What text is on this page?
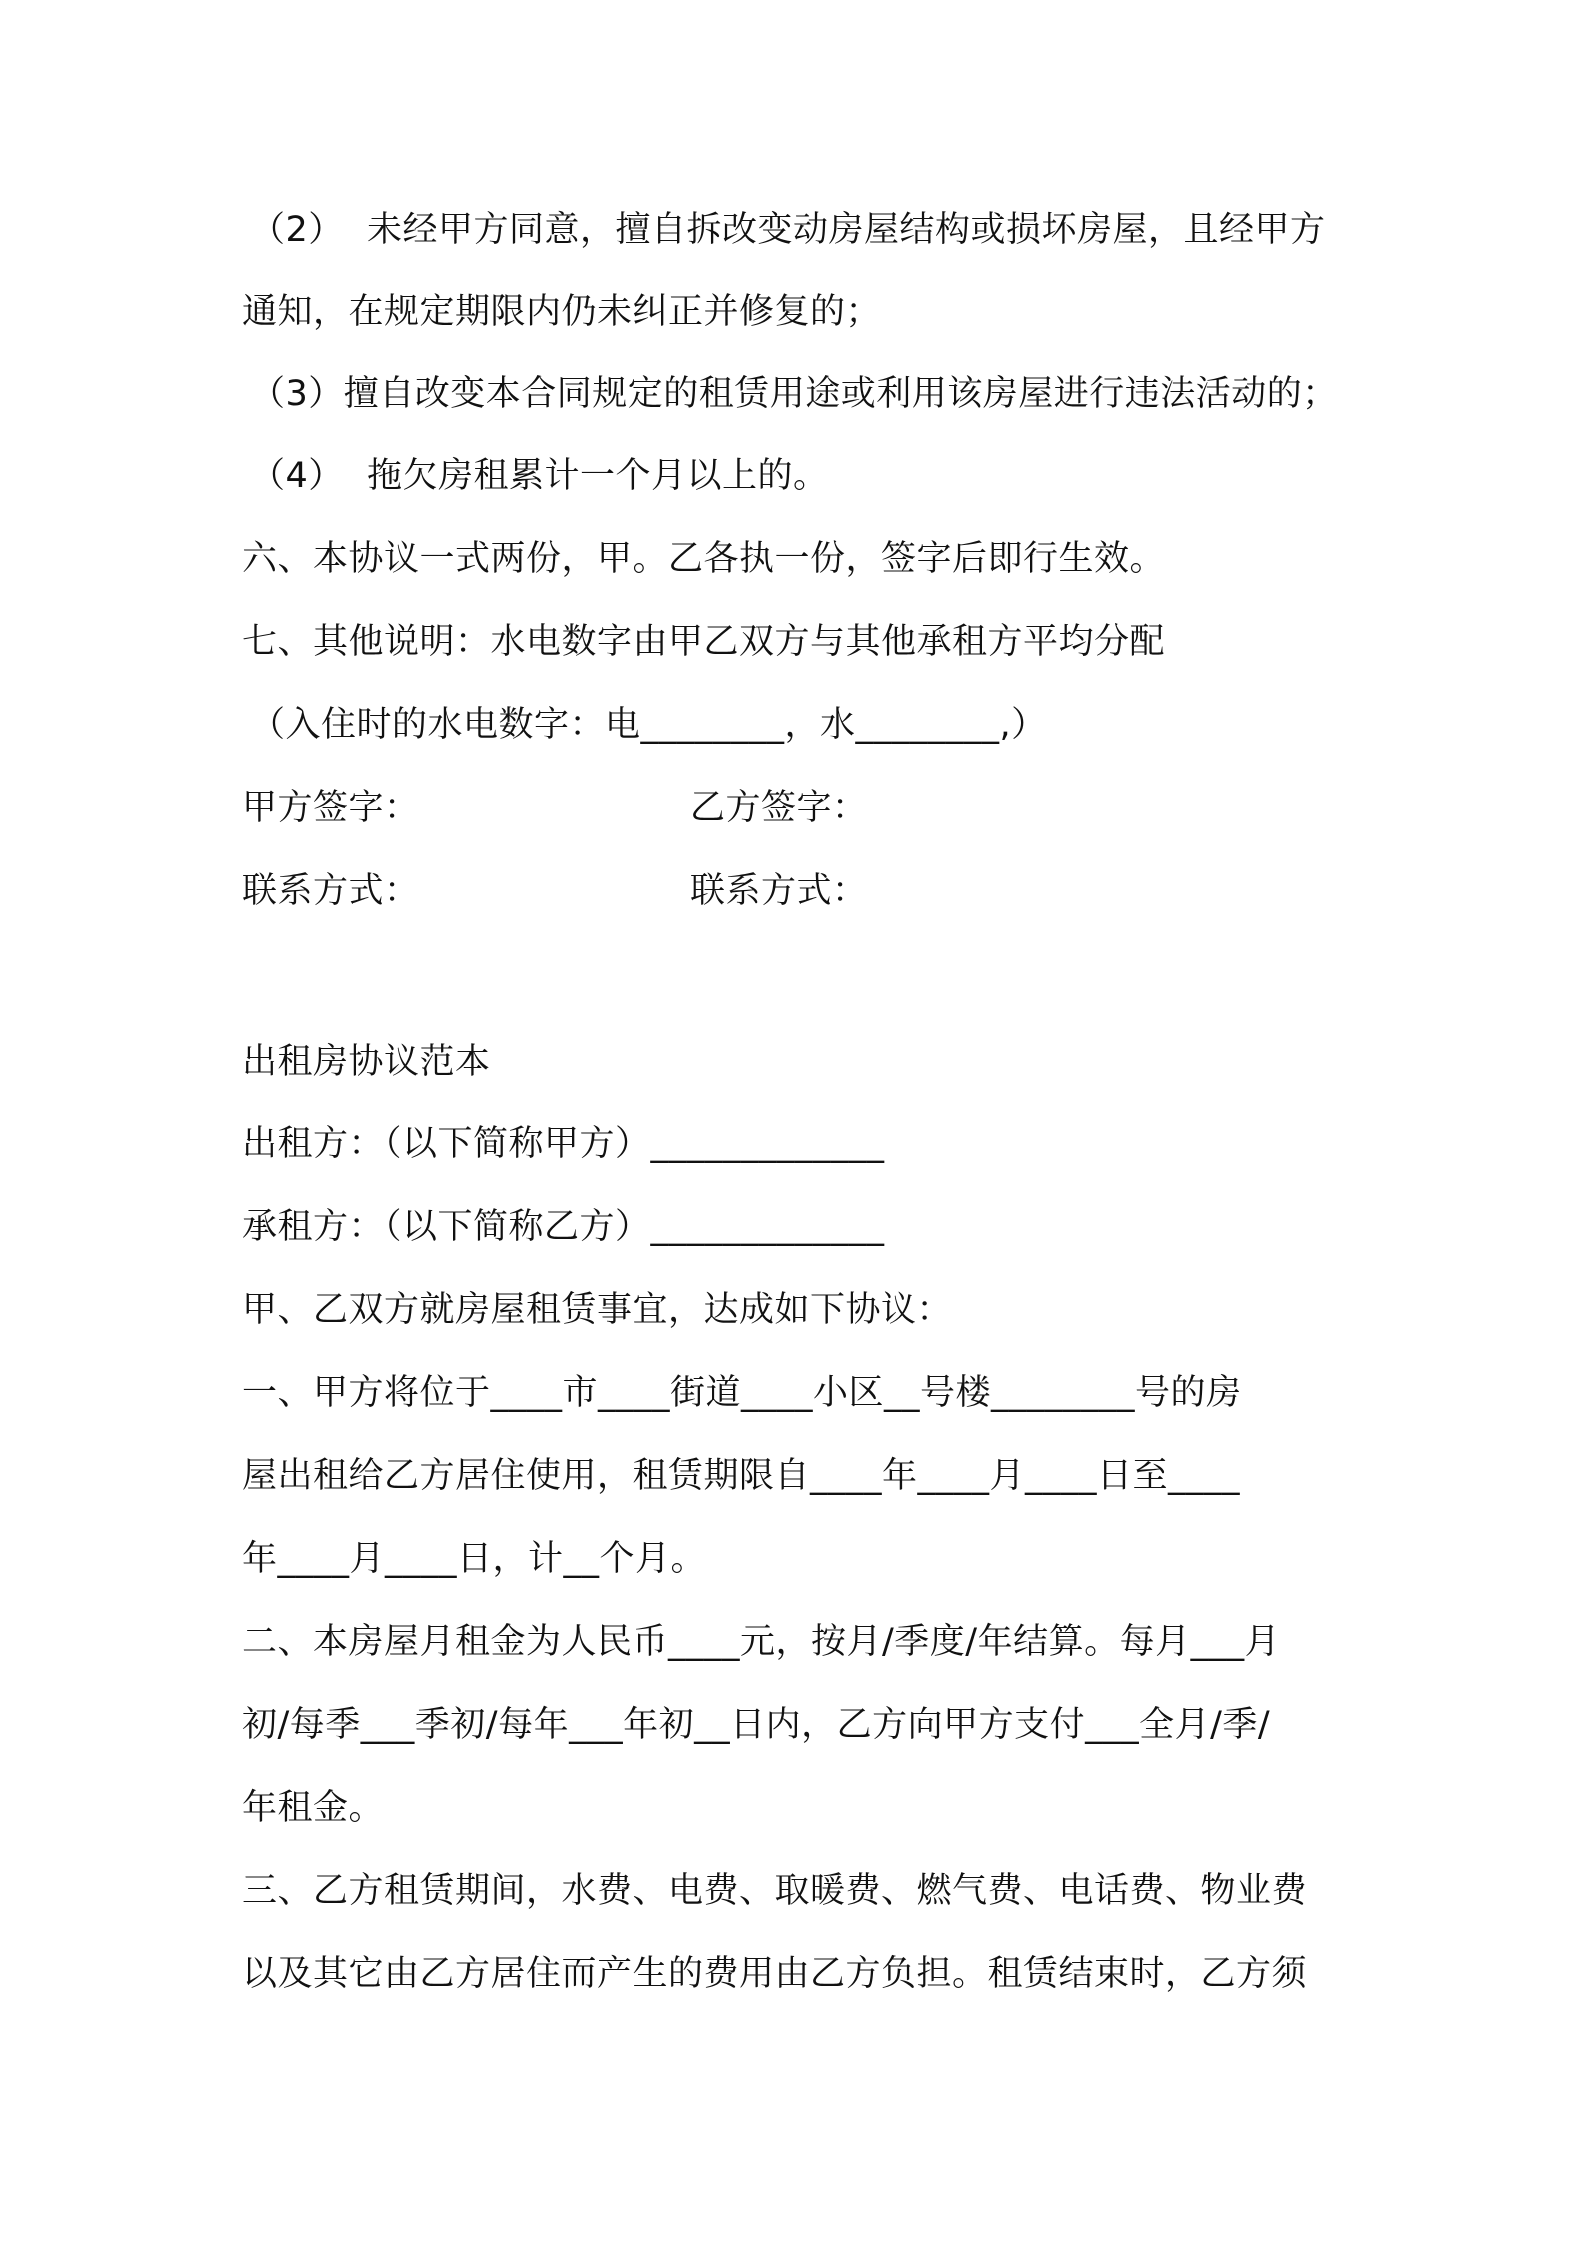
（2）  未经甲方同意，擅自拆改变动房屋结构或损坏房屋，且经甲方
通知，在规定期限内仍未纠正并修复的；
（3）擅自改变本合同规定的租赁用途或利用该房屋进行违法活动的；
（4）  拖欠房租累计一个月以上的。
六、本协议一式两份，甲。乙各执一份，签字后即行生效。
七、其他说明：水电数字由甲乙双方与其他承租方平均分配
（入住时的水电数字：电________，水________,）
甲方签字：	乙方签字：
联系方式：	联系方式：
出租房协议范本
出租方：（以下简称甲方）_____________
承租方：（以下简称乙方）_____________
甲、乙双方就房屋租赁事宜，达成如下协议：
一、甲方将位于____市____街道____小区__号楼________号的房
屋出租给乙方居住使用，租赁期限自____年____月____日至____
年____月____日，计__个月。
二、本房屋月租金为人民币____元，按月/季度/年结算。每月___月
初/每季___季初/每年___年初__日内，乙方向甲方支付___全月/季/
年租金。
三、乙方租赁期间，水费、电费、取暖费、燃气费、电话费、物业费
以及其它由乙方居住而产生的费用由乙方负担。租赁结束时，乙方须
